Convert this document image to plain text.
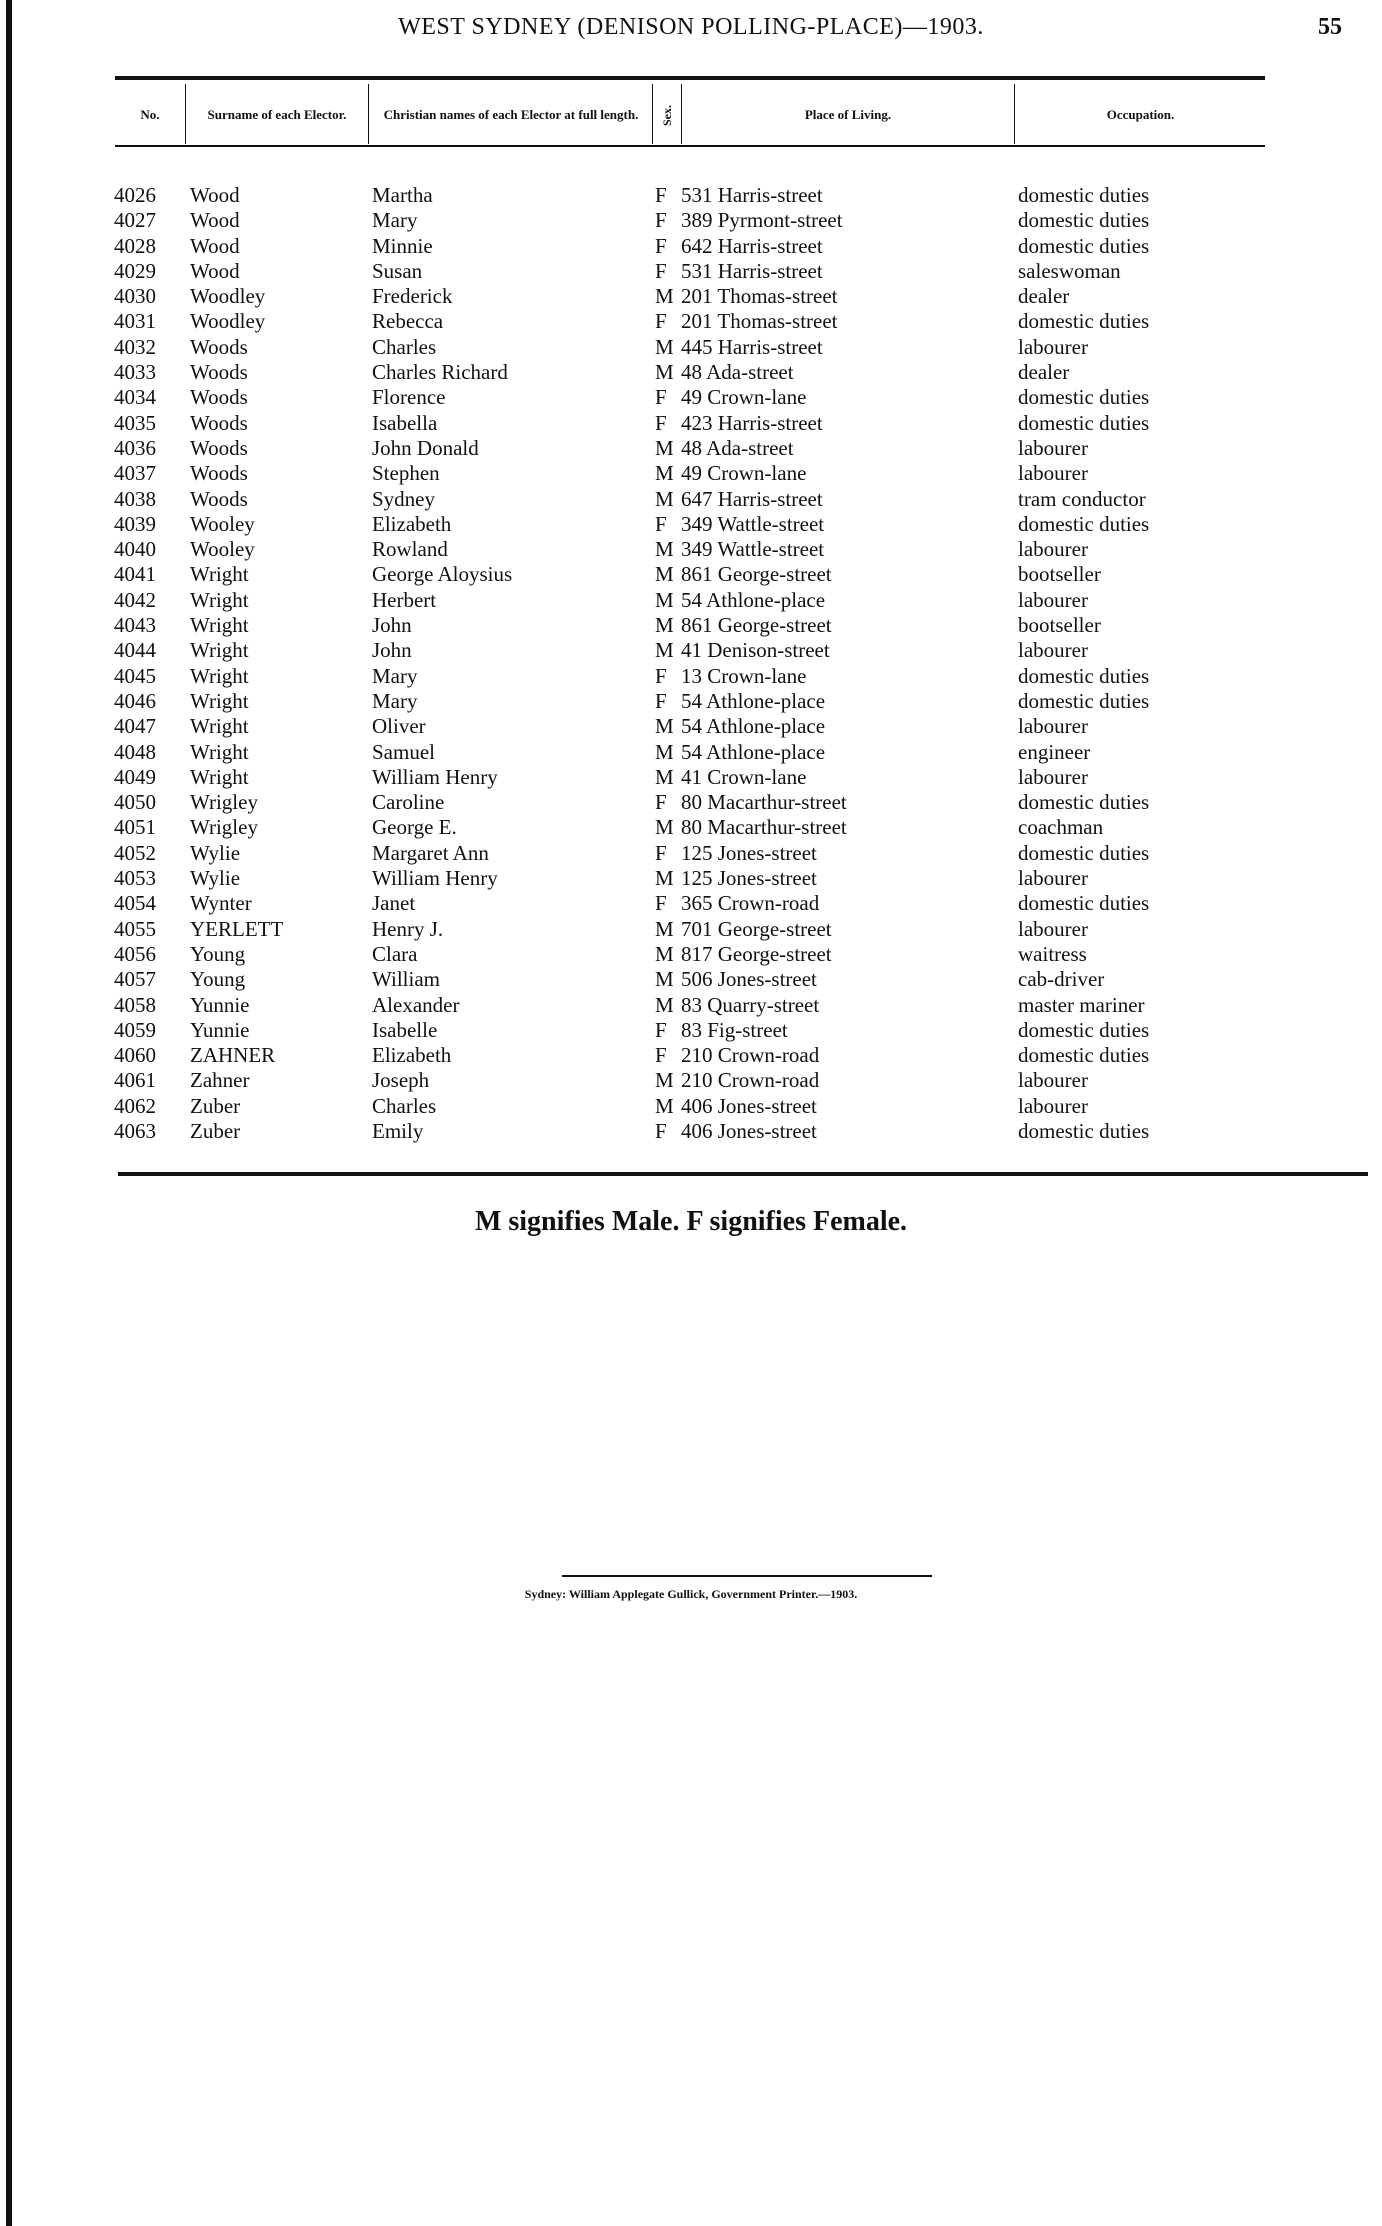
WEST SYDNEY (DENISON POLLING-PLACE)—1903.	55
No.	Surname of each Elector.	Christian names of each Elector at full length.	Sex.	Place of Living.	Occupation.
4026 Wood	Martha	F 531 Harris-street	domestic duties
4027 Wood	Mary	F 389 Pyrmont-street	domestic duties
4028 Wood	Minnie	F 642 Harris-street	domestic duties
4029 Wood	Susan	F 531 Harris-street	saleswoman
4030 Woodley	Frederick	M 201 Thomas-street	dealer
4031 Woodley	Rebecca	F 201 Thomas-street	domestic duties
4032 Woods	Charles	M 445 Harris-street	labourer
4033 Woods	Charles Richard	M 48 Ada-street	dealer
4034 Woods	Florence	F 49 Crown-lane	domestic duties
4035 Woods	Isabella	F 423 Harris-street	domestic duties
4036 Woods	John Donald	M 48 Ada-street	labourer
4037 Woods	Stephen	M 49 Crown-lane	labourer
4038 Woods	Sydney	M 647 Harris-street	tram conductor
4039 Wooley	Elizabeth	F 349 Wattle-street	domestic duties
4040 Wooley	Rowland	M 349 Wattle-street	labourer
4041 Wright	George Aloysius	M 861 George-street	bootseller
4042 Wright	Herbert	M 54 Athlone-place	labourer
4043 Wright	John	M 861 George-street	bootseller
4044 Wright	John	M 41 Denison-street	labourer
4045 Wright	Mary	F 13 Crown-lane	domestic duties
4046 Wright	Mary	F 54 Athlone-place	domestic duties
4047 Wright	Oliver	M 54 Athlone-place	labourer
4048 Wright	Samuel	M 54 Athlone-place	engineer
4049 Wright	William Henry	M 41 Crown-lane	labourer
4050 Wrigley	Caroline	F 80 Macarthur-street	domestic duties
4051 Wrigley	George E.	M 80 Macarthur-street	coachman
4052 Wylie	Margaret Ann	F 125 Jones-street	domestic duties
4053 Wylie	William Henry	M 125 Jones-street	labourer
4054 Wynter	Janet	F 365 Crown-road	domestic duties
4055 YERLETT	Henry J.	M 701 George-street	labourer
4056 Young	Clara	M 817 George-street	waitress
4057 Young	William	M 506 Jones-street	cab-driver
4058 Yunnie	Alexander	M 83 Quarry-street	master mariner
4059 Yunnie	Isabelle	F 83 Fig-street	domestic duties
4060 ZAHNER	Elizabeth	F 210 Crown-road	domestic duties
4061 Zahner	Joseph	M 210 Crown-road	labourer
4062 Zuber	Charles	M 406 Jones-street	labourer
4063 Zuber	Emily	F 406 Jones-street	domestic duties
M signifies Male. F signifies Female.
Sydney: William Applegate Gullick, Government Printer.—1903.
